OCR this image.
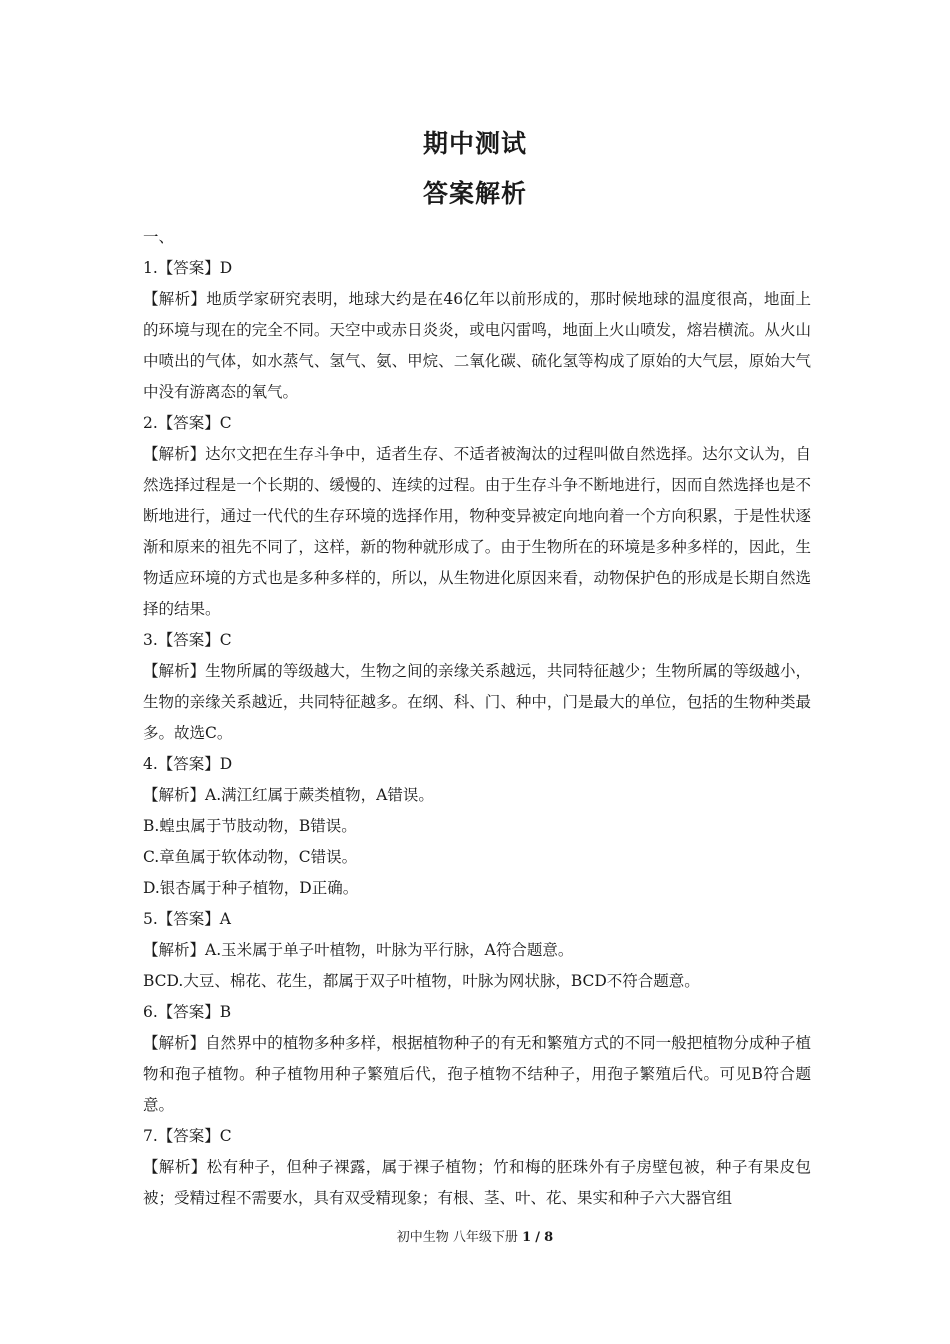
期中测试
答案解析
一、
1.【答案】D
【解析】地质学家研究表明，地球大约是在46亿年以前形成的，那时候地球的温度很高，地面上的环境与现在的完全不同。天空中或赤日炎炎，或电闪雷鸣，地面上火山喷发，熔岩横流。从火山中喷出的气体，如水蒸气、氢气、氨、甲烷、二氧化碳、硫化氢等构成了原始的大气层，原始大气中没有游离态的氧气。
2.【答案】C
【解析】达尔文把在生存斗争中，适者生存、不适者被淘汰的过程叫做自然选择。达尔文认为，自然选择过程是一个长期的、缓慢的、连续的过程。由于生存斗争不断地进行，因而自然选择也是不断地进行，通过一代代的生存环境的选择作用，物种变异被定向地向着一个方向积累，于是性状逐渐和原来的祖先不同了，这样，新的物种就形成了。由于生物所在的环境是多种多样的，因此，生物适应环境的方式也是多种多样的，所以，从生物进化原因来看，动物保护色的形成是长期自然选择的结果。
3.【答案】C
【解析】生物所属的等级越大，生物之间的亲缘关系越远，共同特征越少；生物所属的等级越小，生物的亲缘关系越近，共同特征越多。在纲、科、门、种中，门是最大的单位，包括的生物种类最多。故选C。
4.【答案】D
【解析】A.满江红属于蕨类植物，A错误。
B.蝗虫属于节肢动物，B错误。
C.章鱼属于软体动物，C错误。
D.银杏属于种子植物，D正确。
5.【答案】A
【解析】A.玉米属于单子叶植物，叶脉为平行脉，A符合题意。
BCD.大豆、棉花、花生，都属于双子叶植物，叶脉为网状脉，BCD不符合题意。
6.【答案】B
【解析】自然界中的植物多种多样，根据植物种子的有无和繁殖方式的不同一般把植物分成种子植物和孢子植物。种子植物用种子繁殖后代，孢子植物不结种子，用孢子繁殖后代。可见B符合题意。
7.【答案】C
【解析】松有种子，但种子裸露，属于裸子植物；竹和梅的胚珠外有子房壁包被，种子有果皮包被；受精过程不需要水，具有双受精现象；有根、茎、叶、花、果实和种子六大器官组
初中生物 八年级下册 1 / 8
